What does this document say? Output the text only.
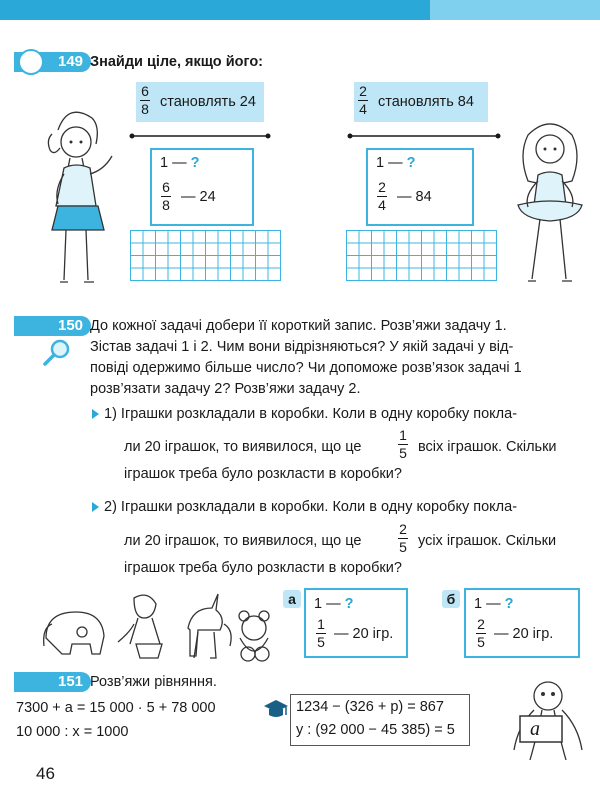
149 Знайди ціле, якщо його:
6
8 становлять 24
2
4 становлять 84
1 — ?
6
8
— 24
1 — ?
2
4
— 84
150 До кожної задачі добери її короткий запис. Розв’яжи задачу 1.
Зістав задачі 1 і 2. Чим вони відрізняються? У якій задачі у від-
повіді одержимо більше число? Чи допоможе розв’язок задачі 1
розв’язати задачу 2? Розв’яжи задачу 2.
1) Іграшки розкладали в коробки. Коли в одну коробку покла-
ли 20 іграшок, то виявилося, що це
1
5 всіх іграшок. Скільки
іграшок треба було розкласти в коробки?
2) Іграшки розкладали в коробки. Коли в одну коробку покла-
ли 20 іграшок, то виявилося, що це
2
5 усіх іграшок. Скільки
іграшок треба було розкласти в коробки?
а	1 — ?
1
5
— 20 ігр.
б	1 — ?
2
5
— 20 ігр.
151 Розв’яжи рівняння.
7300 + a = 15 000 · 5 + 78 000
10 000 : x = 1000
1234 − (326 + p) = 867
y : (92 000 − 45 385) = 5	a
46
